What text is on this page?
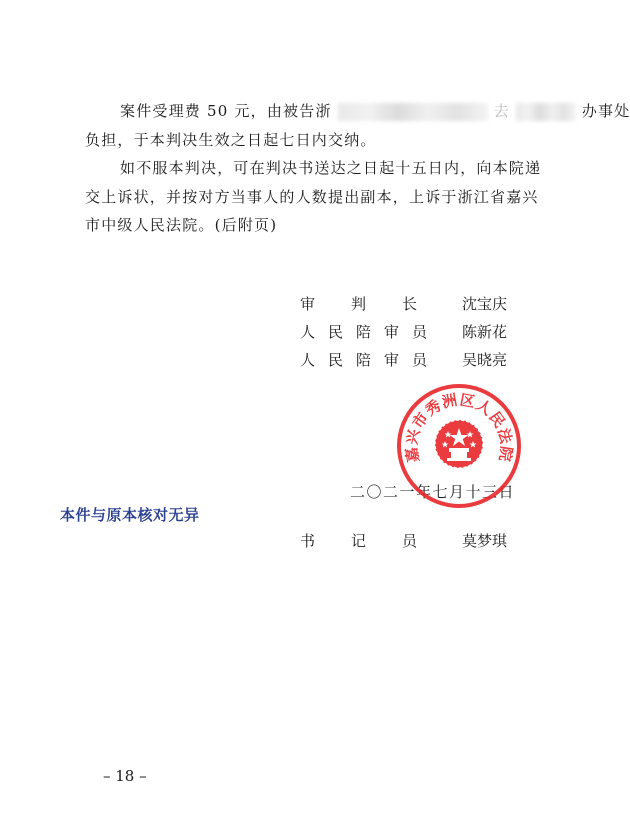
案件受理费 50 元，由被告浙	去	办事处
负担，于本判决生效之日起七日内交纳。
如不服本判决，可在判决书送达之日起十五日内，向本院递
交上诉状，并按对方当事人的人数提出副本，上诉于浙江省嘉兴
市中级人民法院。(后附页)
审判长 沈宝庆
人民陪审员 陈新花
人民陪审员 吴晓亮
嘉兴市秀洲区人民法院
二〇二一年七月十三日
本件与原本核对无异
书记员 莫梦琪
– 18 –
